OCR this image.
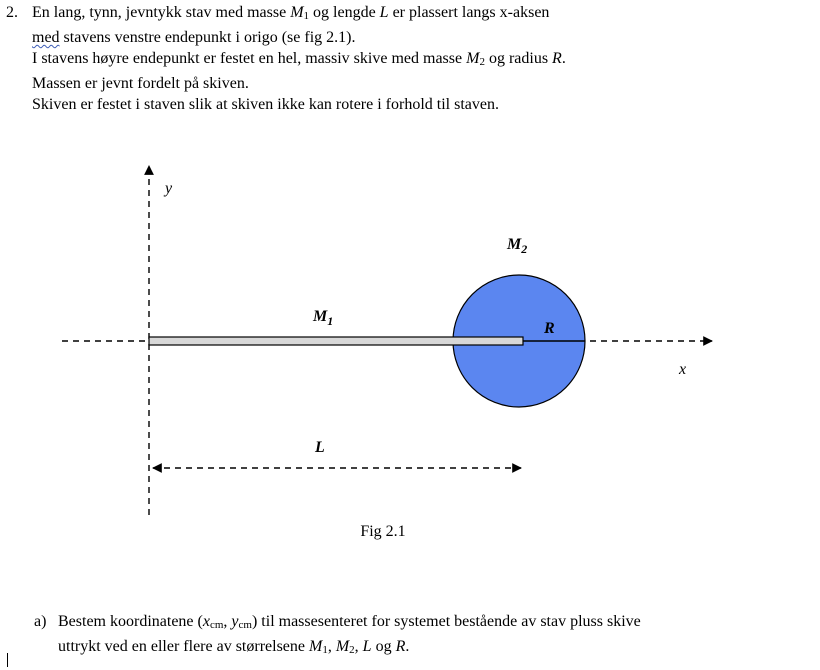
2. En lang, tynn, jevntykk stav med masse $M_1$ og lengde L er plassert langs x-aksen

med stavens venstre endepunkt i origo (se fig 2.1).

I stavens høyre endepunkt er festet en hel, massiv skive med masse $M_2$ og radius R.

Massen er jevnt fordelt på skiven.

Skiven er festet i staven slik at skiven ikke kan rotere i forhold til staven.

y
x
$M_1$
$M_2$
R
L
Fig 2.1
a) Bestem koordinatene ($x_{cm}$, $y_{cm}$) til massesenteret for systemet bestående av stav pluss skive

uttrykt ved en eller flere av størrelsene $M_1$, $M_2$, L og R.
